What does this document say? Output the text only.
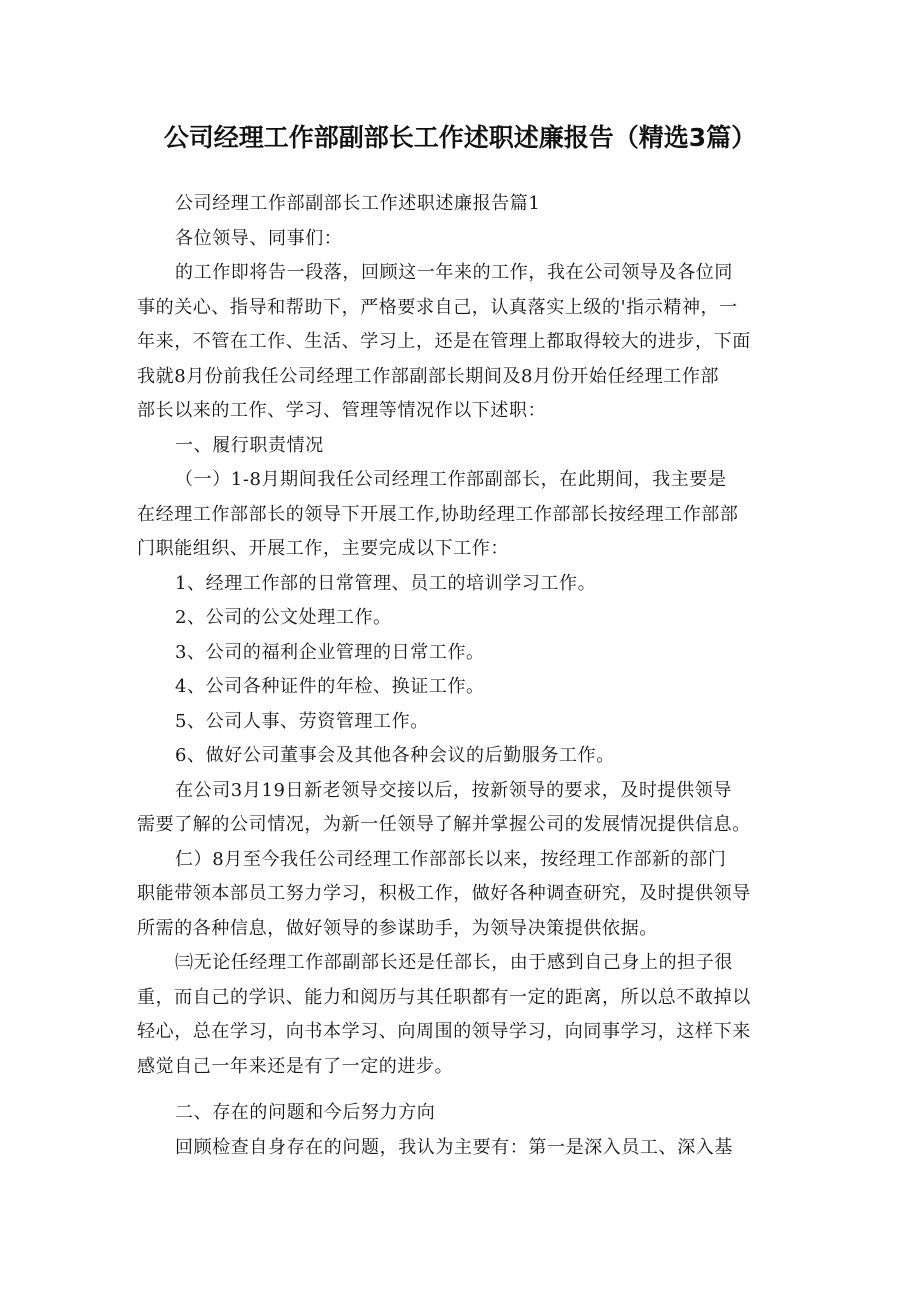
公司经理工作部副部长工作述职述廉报告（精选3篇）
公司经理工作部副部长工作述职述廉报告篇1
各位领导、同事们：
的工作即将告一段落，回顾这一年来的工作，我在公司领导及各位同
事的关心、指导和帮助下，严格要求自己，认真落实上级的'指示精神，一
年来，不管在工作、生活、学习上，还是在管理上都取得较大的进步，下面
我就8月份前我任公司经理工作部副部长期间及8月份开始任经理工作部
部长以来的工作、学习、管理等情况作以下述职：
一、履行职责情况
（一）1-8月期间我任公司经理工作部副部长，在此期间，我主要是
在经理工作部部长的领导下开展工作,协助经理工作部部长按经理工作部部
门职能组织、开展工作，主要完成以下工作：
1、经理工作部的日常管理、员工的培训学习工作。
2、公司的公文处理工作。
3、公司的福利企业管理的日常工作。
4、公司各种证件的年检、换证工作。
5、公司人事、劳资管理工作。
6、做好公司董事会及其他各种会议的后勤服务工作。
在公司3月19日新老领导交接以后，按新领导的要求，及时提供领导
需要了解的公司情况，为新一任领导了解并掌握公司的发展情况提供信息。
仁）8月至今我任公司经理工作部部长以来，按经理工作部新的部门
职能带领本部员工努力学习，积极工作，做好各种调查研究，及时提供领导
所需的各种信息，做好领导的参谋助手，为领导决策提供依据。
㈢无论任经理工作部副部长还是任部长，由于感到自己身上的担子很
重，而自己的学识、能力和阅历与其任职都有一定的距离，所以总不敢掉以
轻心，总在学习，向书本学习、向周围的领导学习，向同事学习，这样下来
感觉自己一年来还是有了一定的进步。
二、存在的问题和今后努力方向
回顾检查自身存在的问题，我认为主要有：第一是深入员工、深入基
